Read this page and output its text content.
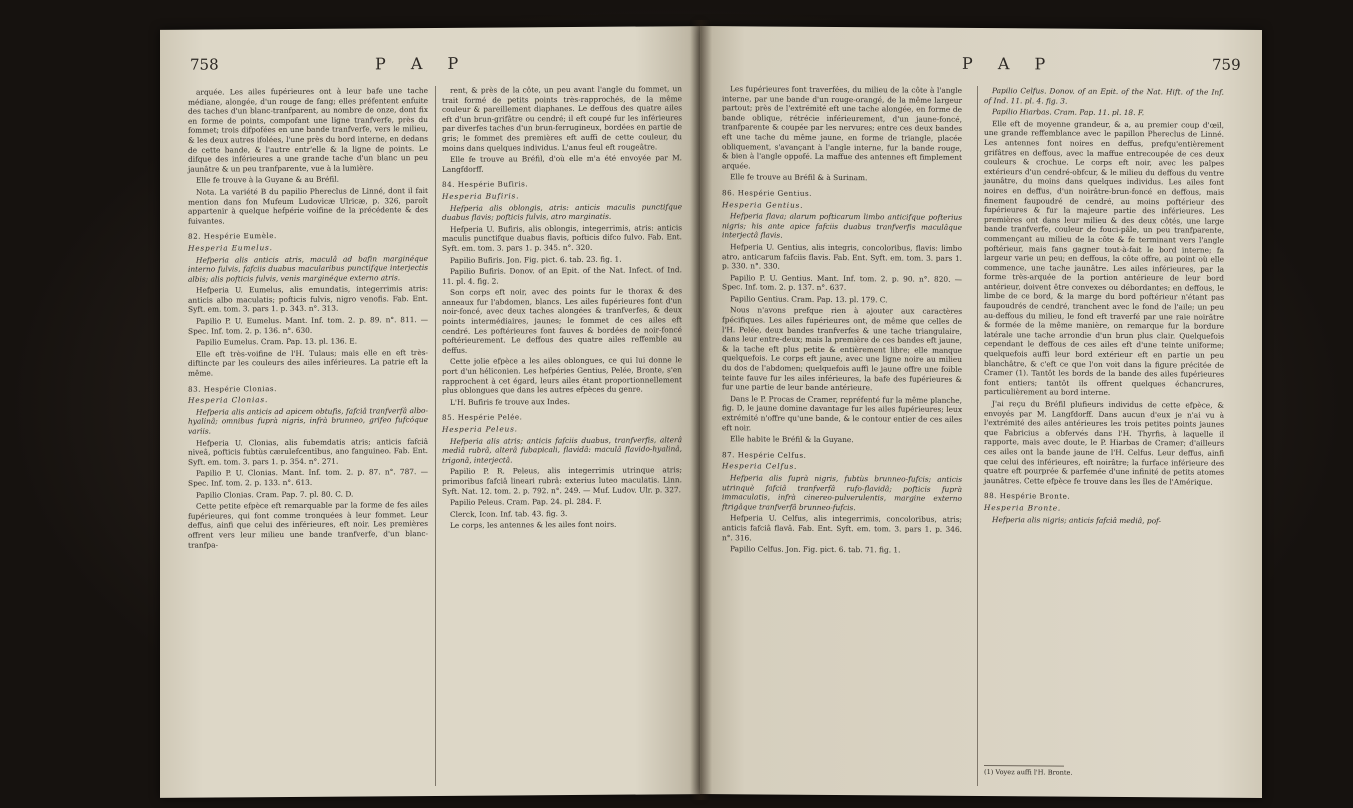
758	P A P

arquée. Les ailes fupérieures ont à leur bafe une tache médiane, alongée, d'un rouge de fang; elles préfentent enfuite des taches d'un blanc-tranfparent, au nombre de onze, dont fix en forme de points, compofant une ligne tranfverfe, près du fommet; trois difpofées en une bande tranfverfe, vers le milieu, & les deux autres ifolées, l'une près du bord interne, en dedans de cette bande, & l'autre entr'elle & la ligne de points. Le difque des inférieures a une grande tache d'un blanc un peu jaunâtre & un peu tranfparente, vue à la lumière.

Elle fe trouve à la Guyane & au Bréfil.

Nota. La variété B du papilio Phereclus de Linné, dont il fait mention dans fon Mufeum Ludovicæ Ulricæ, p. 326, paroît appartenir à quelque hefpérie voifine de la précédente & des fuivantes.

82. Hespérie Eumèle.

Hesperia Eumelus.

Hefperia alis anticis atris, maculâ ad bafin marginéque interno fulvis, fafciis duabus macularibus punctifque interjectis albis; alis pofticis fulvis, venis marginéque externo atris.

Hefperia U. Eumelus, alis emundatis, integerrimis atris: anticis albo maculatis; pofticis fulvis, nigro venofis. Fab. Ent. Syft. em. tom. 3. pars 1. p. 343. n°. 313.

Papilio P. U. Eumelus. Mant. Inf. tom. 2. p. 89. n°. 811. — Spec. Inf. tom. 2. p. 136. n°. 630.

Papilio Eumelus. Cram. Pap. 13. pl. 136. E.

Elle eft très-voifine de l'H. Tulaus; mais elle en eft très-diftincte par les couleurs des ailes inférieures. La patrie eft la même.

83. Hespérie Clonias.

Hesperia Clonias.

Hefperia alis anticis ad apicem obtufis, fafciâ tranfverfâ albo-hyalinâ; omnibus fuprà nigris, infrà brunneo, grifeo fufcóque variis.

Hefperia U. Clonias, alis fubemdatis atris; anticis fafciâ niveâ, pofticis fubtùs cærulefcentibus, ano fanguineo. Fab. Ent. Syft. em. tom. 3. pars 1. p. 354. n°. 271.

Papilio P. U. Clonias. Mant. Inf. tom. 2. p. 87. n°. 787. — Spec. Inf. tom. 2. p. 133. n°. 613.

Papilio Clonias. Cram. Pap. 7. pl. 80. C. D.

Cette petite efpèce eft remarquable par la forme de fes ailes fupérieures, qui font comme tronquées à leur fommet. Leur deffus, ainfi que celui des inférieures, eft noir. Les premières offrent vers leur milieu une bande tranfverfe, d'un blanc-tranfpa-

rent, & près de la côte, un peu avant l'angle du fommet, un trait formé de petits points très-rapprochés, de la même couleur & pareillement diaphanes. Le deffous des quatre ailes eft d'un brun-grifâtre ou cendré; il eft coupé fur les inférieures par diverfes taches d'un brun-ferrugineux, bordées en partie de gris; le fommet des premières eft auffi de cette couleur, du moins dans quelques individus. L'anus feul eft rougeâtre.

Elle fe trouve au Bréfil, d'où elle m'a été envoyée par M. Langfdorff.

84. Hespérie Bufiris.

Hesperia Bufiris.

Hefperia alis oblongis, atris: anticis maculis punctifque duabus flavis; pofticis fulvis, atro marginatis.

Hefperia U. Bufiris, alis oblongis, integerrimis, atris: anticis maculis punctifque duabus flavis, pofticis difco fulvo. Fab. Ent. Syft. em. tom. 3. pars 1. p. 345. n°. 320.

Papilio Bufiris. Jon. Fig. pict. 6. tab. 23. fig. 1.

Papilio Bufiris. Donov. of an Epit. of the Nat. Infect. of Ind. 11. pl. 4. fig. 2.

Son corps eft noir, avec des points fur le thorax & des anneaux fur l'abdomen, blancs. Les ailes fupérieures font d'un noir-foncé, avec deux taches alongées & tranfverfes, & deux points intermédiaires, jaunes; le fommet de ces ailes eft cendré. Les poftérieures font fauves & bordées de noir-foncé poftérieurement. Le deffous des quatre ailes reffemble au deffus.

Cette jolie efpèce a les ailes oblongues, ce qui lui donne le port d'un héliconien. Les hefpéries Gentius, Pelée, Bronte, s'en rapprochent à cet égard, leurs ailes étant proportionnellement plus oblongues que dans les autres efpèces du genre.

L'H. Bufiris fe trouve aux Indes.

85. Hespérie Pelée.

Hesperia Peleus.

Hefperia alis atris; anticis fafciis duabus, tranfverfis, alterâ mediâ rubrâ, alterâ fubapicali, flavidâ: maculâ flavido-hyalinâ, trigonâ, interjectâ.

Papilio P. R. Peleus, alis integerrimis utrinque atris; primoribus fafciâ lineari rubrâ: exterius luteo maculatis. Linn. Syft. Nat. 12. tom. 2. p. 792. n°. 249. — Muf. Ludov. Ulr. p. 327.

Papilio Peleus. Cram. Pap. 24. pl. 284. F.

Clerck, Icon. Inf. tab. 43. fig. 3.

Le corps, les antennes & les ailes font noirs.

P A P	759

Les fupérieures font traverfées, du milieu de la côte à l'angle interne, par une bande d'un rouge-orangé, de la même largeur partout; près de l'extrémité eft une tache alongée, en forme de bande oblique, rétrécie inférieurement, d'un jaune-foncé, tranfparente & coupée par les nervures; entre ces deux bandes eft une tache du même jaune, en forme de triangle, placée obliquement, s'avançant à l'angle interne, fur la bande rouge, & bien à l'angle oppofé. La maffue des antennes eft fimplement arquée.

Elle fe trouve au Bréfil & à Surinam.

86. Hespérie Gentius.

Hesperia Gentius.

Hefperia flava; alarum pofticarum limbo anticifque pofterius nigris; his ante apice fafciis duabus tranfverfis maculâque interjectâ flavis.

Hefperia U. Gentius, alis integris, concoloribus, flavis: limbo atro, anticarum fafciis flavis. Fab. Ent. Syft. em. tom. 3. pars 1. p. 330. n°. 330.

Papilio P. U. Gentius. Mant. Inf. tom. 2. p. 90. n°. 820. — Spec. Inf. tom. 2. p. 137. n°. 637.

Papilio Gentius. Cram. Pap. 13. pl. 179. C.

Nous n'avons prefque rien à ajouter aux caractères fpécifiques. Les ailes fupérieures ont, de même que celles de l'H. Pelée, deux bandes tranfverfes & une tache triangulaire, dans leur entre-deux; mais la première de ces bandes eft jaune, & la tache eft plus petite & entièrement libre; elle manque quelquefois. Le corps eft jaune, avec une ligne noire au milieu du dos de l'abdomen; quelquefois auffi le jaune offre une foible teinte fauve fur les ailes inférieures, la bafe des fupérieures & fur une partie de leur bande antérieure.

Dans le P. Procas de Cramer, repréfenté fur la même planche, fig. D, le jaune domine davantage fur les ailes fupérieures; leux extrémité n'offre qu'une bande, & le contour entier de ces ailes eft noir.

Elle habite le Bréfil & la Guyane.

87. Hespérie Celfus.

Hesperia Celfus.

Hefperia alis fuprà nigris, fubtùs brunneo-fufcis; anticis utrinquè fafciâ tranfverfâ rufo-flavidâ; pofticis fuprà immaculatis, infrà cinereo-pulverulentis, margine externo ftrigâque tranfverfâ brunneo-fufcis.

Hefperia U. Celfus, alis integerrimis, concoloribus, atris; anticis fafciâ flavâ. Fab. Ent. Syft. em. tom. 3. pars 1. p. 346. n°. 316.

Papilio Celfus. Jon. Fig. pict. 6. tab. 71. fig. 1.

Papilio Celfus. Donov. of an Epit. of the Nat. Hift. of the Inf. of Ind. 11. pl. 4. fig. 3.

Papilio Hiarbas. Cram. Pap. 11. pl. 18. F.

Elle eft de moyenne grandeur, & a, au premier coup d'œil, une grande reffemblance avec le papillon Phereclus de Linné. Les antennes font noires en deffus, prefqu'entièrement grifâtres en deffous, avec la maffue entrecoupée de ces deux couleurs & crochue. Le corps eft noir, avec les palpes extérieurs d'un cendré-obfcur, & le milieu du deffous du ventre jaunâtre, du moins dans quelques individus. Les ailes font noires en deffus, d'un noirâtre-brun-foncé en deffous, mais finement faupoudré de cendré, au moins poftérieur des fupérieures & fur la majeure partie des inférieures. Les premières ont dans leur milieu & des deux côtés, une large bande tranfverfe, couleur de fouci-pâle, un peu tranfparente, commençant au milieu de la côte & fe terminant vers l'angle poftérieur, mais fans gagner tout-à-fait le bord interne; fa largeur varie un peu; en deffous, la côte offre, au point où elle commence, une tache jaunâtre. Les ailes inférieures, par la forme très-arquée de la portion antérieure de leur bord antérieur, doivent être convexes ou débordantes; en deffous, le limbe de ce bord, & la marge du bord poftérieur n'étant pas faupoudrés de cendré, tranchent avec le fond de l'aile; un peu au-deffous du milieu, le fond eft traverfé par une raie noirâtre & formée de la même manière, on remarque fur la bordure latérale une tache arrondie d'un brun plus clair. Quelquefois cependant le deffous de ces ailes eft d'une teinte uniforme; quelquefois auffi leur bord extérieur eft en partie un peu blanchâtre, & c'eft ce que l'on voit dans la figure précitée de Cramer (1). Tantôt les bords de la bande des ailes fupérieures font entiers; tantôt ils offrent quelques échancrures, particulièrement au bord interne.

J'ai reçu du Bréfil plufieurs individus de cette efpèce, & envoyés par M. Langfdorff. Dans aucun d'eux je n'ai vu à l'extrémité des ailes antérieures les trois petites points jaunes que Fabricius a obfervés dans l'H. Thyrfis, à laquelle il rapporte, mais avec doute, le P. Hiarbas de Cramer; d'ailleurs ces ailes ont la bande jaune de l'H. Celfus. Leur deffus, ainfi que celui des inférieures, eft noirâtre; la furface inférieure des quatre eft pourprée & parfemée d'une infinité de petits atomes jaunâtres. Cette efpèce fe trouve dans les îles de l'Amérique.

88. Hespérie Bronte.

Hesperia Bronte.

Hefperia alis nigris; anticis fafciâ mediâ, pof-

(1) Voyez auffi l'H. Bronte.
